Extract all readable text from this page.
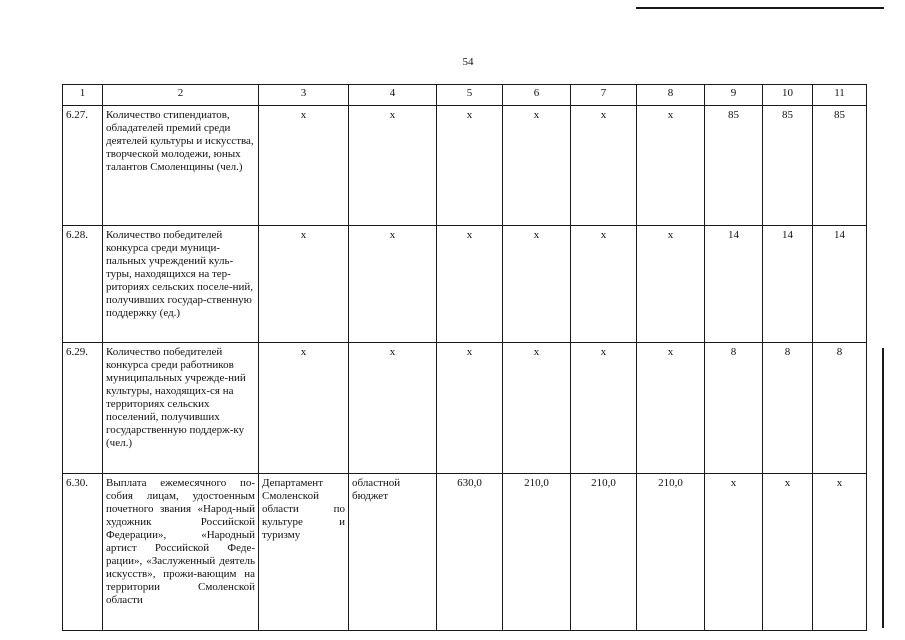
54
1	2	3	4	5	6	7	8	9	10	11
6.27.	Количество стипендиатов, обладателей премий среди деятелей культуры и искусства, творческой молодежи, юных талантов Смоленщины (чел.)	х	х	х	х	х	х	85	85	85
6.28.	Количество победителей конкурса среди муници-пальных учреждений куль-туры, находящихся на тер-риториях сельских поселе-ний, получивших государ-ственную поддержку (ед.)	х	х	х	х	х	х	14	14	14
6.29.	Количество победителей конкурса среди работников муниципальных учрежде-ний культуры, находящих-ся на территориях сельских поселений, получивших государственную поддерж-ку (чел.)	х	х	х	х	х	х	8	8	8
6.30.	Выплата ежемесячного по-собия лицам, удостоенным почетного звания «Народ-ный художник Российской Федерации», «Народный артист Российской Феде-рации», «Заслуженный деятель искусств», прожи-вающим на территории Смоленской области	Департамент Смоленской области по культуре и туризму	областной бюджет	630,0	210,0	210,0	210,0	х	х	х
